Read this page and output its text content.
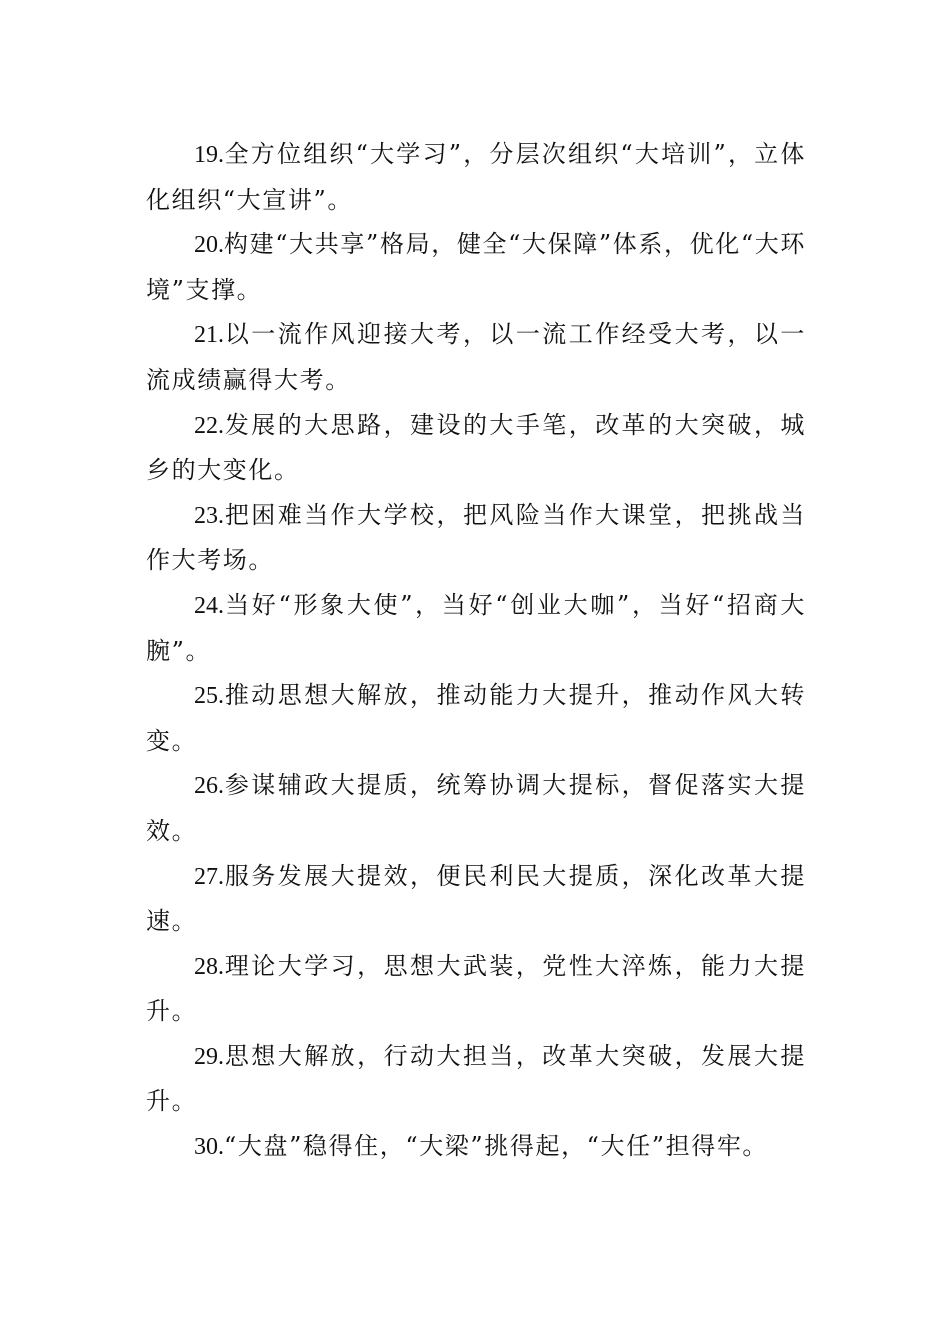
19.全方位组织“大学习”，分层次组织“大培训”，立体化组织“大宣讲”。

20.构建“大共享”格局，健全“大保障”体系，优化“大环境”支撑。

21.以一流作风迎接大考，以一流工作经受大考，以一流成绩赢得大考。

22.发展的大思路，建设的大手笔，改革的大突破，城乡的大变化。

23.把困难当作大学校，把风险当作大课堂，把挑战当作大考场。

24.当好“形象大使”，当好“创业大咖”，当好“招商大腕”。

25.推动思想大解放，推动能力大提升，推动作风大转变。

26.参谋辅政大提质，统筹协调大提标，督促落实大提效。

27.服务发展大提效，便民利民大提质，深化改革大提速。

28.理论大学习，思想大武装，党性大淬炼，能力大提升。

29.思想大解放，行动大担当，改革大突破，发展大提升。

30.“大盘”稳得住，“大梁”挑得起，“大任”担得牢。
